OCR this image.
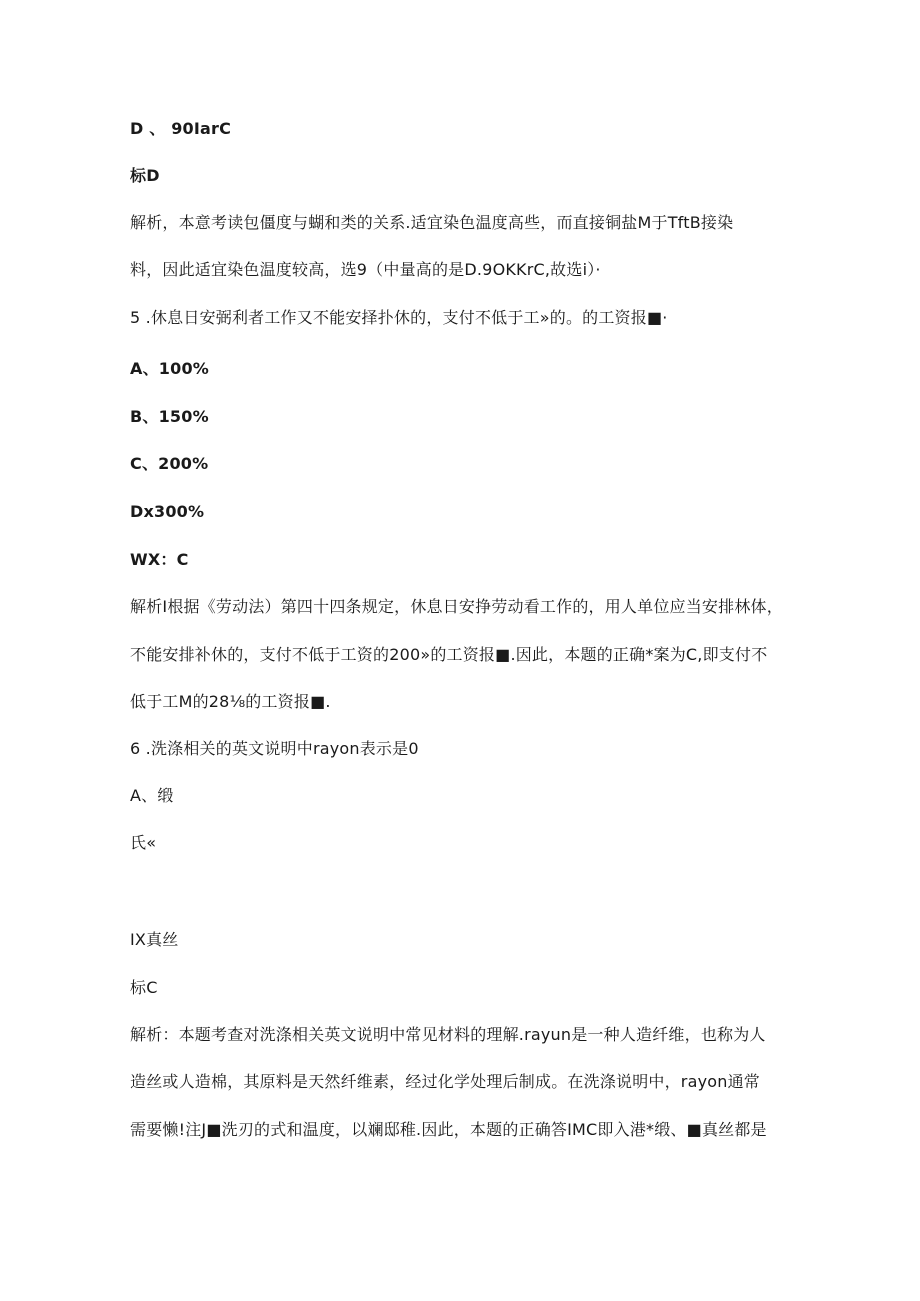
D 、 90IarC
标D
解析，本意考读包僵度与蝴和类的关系.适宜染色温度高些，而直接铜盐M于TftB接染
料，因此适宜染色温度较高，选9（中量高的是D.9OKKrC,故选i）·
5 .休息日安弼利者工作又不能安择扑休的，支付不低于工»的。的工资报■·
A、100%
B、150%
C、200%
Dx300%
WX：C
解析I根据《劳动法）第四十四条规定，休息日安挣劳动看工作的，用人单位应当安排林体，
不能安排补休的，支付不低于工资的200»的工资报■.因此，本题的正确*案为C,即支付不
低于工M的28⅛的工资报■.
6 .洗涤相关的英文说明中rayon表示是0
A、缎
氏«
IX真丝
标C
解析：本题考查对洗涤相关英文说明中常见材料的理解.rayun是一种人造纤维，也称为人
造丝或人造棉，其原料是天然纤维素，经过化学处理后制成。在洗涤说明中，rayon通常
需要懒!注J■洗刃的式和温度，以斓邸稚.因此，本题的正确答IMC即入港*缎、■真丝都是
